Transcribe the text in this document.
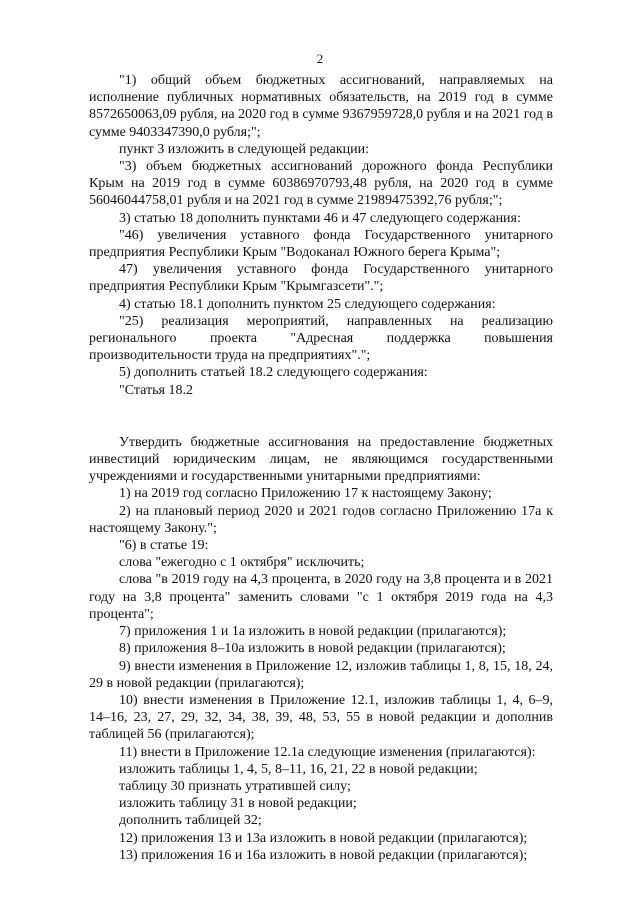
2

"1) общий объем бюджетных ассигнований, направляемых на исполнение публичных нормативных обязательств, на 2019 год в сумме 8572650063,09 рубля, на 2020 год в сумме 9367959728,0 рубля и на 2021 год в сумме 9403347390,0 рубля;";

пункт 3 изложить в следующей редакции:

"3) объем бюджетных ассигнований дорожного фонда Республики Крым на 2019 год в сумме 60386970793,48 рубля, на 2020 год в сумме 56046044758,01 рубля и на 2021 год в сумме 21989475392,76 рубля;";

3) статью 18 дополнить пунктами 46 и 47 следующего содержания:

"46) увеличения уставного фонда Государственного унитарного предприятия Республики Крым "Водоканал Южного берега Крыма";

47) увеличения уставного фонда Государственного унитарного предприятия Республики Крым "Крымгазсети".";

4) статью 18.1 дополнить пунктом 25 следующего содержания:

"25) реализация мероприятий, направленных на реализацию регионального проекта "Адресная поддержка повышения производительности труда на предприятиях".";

5) дополнить статьей 18.2 следующего содержания:

"Статья 18.2

Утвердить бюджетные ассигнования на предоставление бюджетных инвестиций юридическим лицам, не являющимся государственными учреждениями и государственными унитарными предприятиями:

1) на 2019 год согласно Приложению 17 к настоящему Закону;

2) на плановый период 2020 и 2021 годов согласно Приложению 17а к настоящему Закону.";

"6) в статье 19:

слова "ежегодно с 1 октября" исключить;

слова "в 2019 году на 4,3 процента, в 2020 году на 3,8 процента и в 2021 году на 3,8 процента" заменить словами "с 1 октября 2019 года на 4,3 процента";

7) приложения 1 и 1а изложить в новой редакции (прилагаются);

8) приложения 8–10а изложить в новой редакции (прилагаются);

9) внести изменения в Приложение 12, изложив таблицы 1, 8, 15, 18, 24, 29 в новой редакции (прилагаются);

10) внести изменения в Приложение 12.1, изложив таблицы 1, 4, 6–9, 14–16, 23, 27, 29, 32, 34, 38, 39, 48, 53, 55 в новой редакции и дополнив таблицей 56 (прилагаются);

11) внести в Приложение 12.1а следующие изменения (прилагаются):

изложить таблицы 1, 4, 5, 8–11, 16, 21, 22 в новой редакции;

таблицу 30 признать утратившей силу;

изложить таблицу 31 в новой редакции;

дополнить таблицей 32;

12) приложения 13 и 13а изложить в новой редакции (прилагаются);

13) приложения 16 и 16а изложить в новой редакции (прилагаются);
